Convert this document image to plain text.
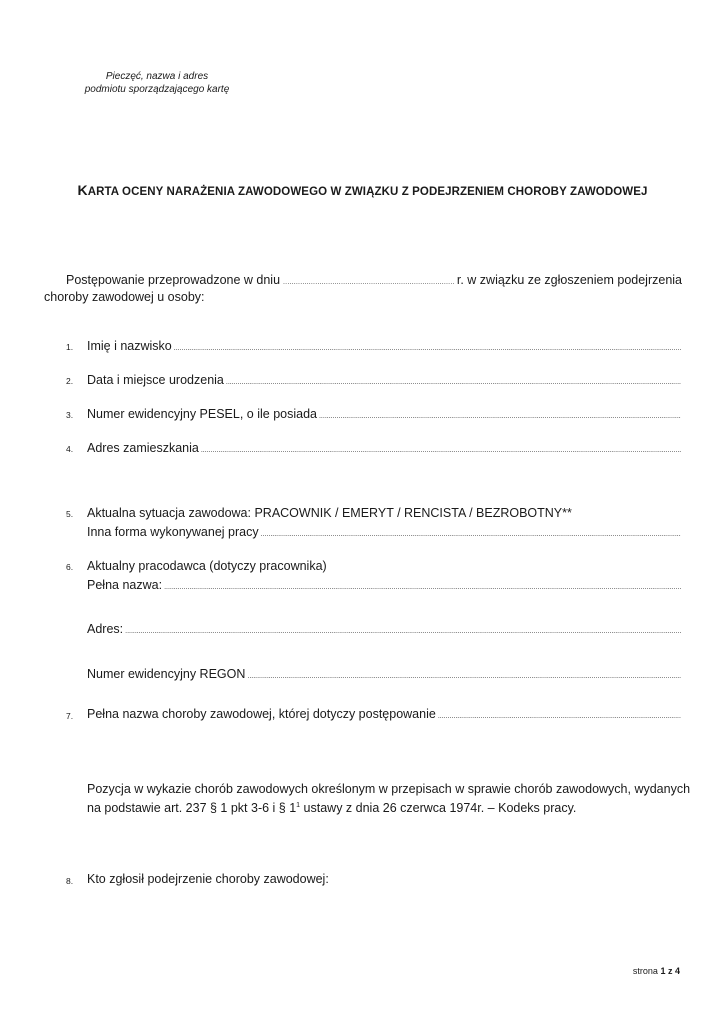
.....
Pieczęć, nazwa i adres
podmiotu sporządzającego kartę
KARTA OCENY NARAŻENIA ZAWODOWEGO W ZWIĄZKU Z PODEJRZENIEM CHOROBY ZAWODOWEJ
Postępowanie przeprowadzone w dniu
.....	r. w związku ze zgłoszeniem podejrzenia
choroby zawodowej u osoby:
1. Imię i nazwisko
.....
2. Data i miejsce urodzenia
.....
3. Numer ewidencyjny PESEL, o ile posiada
.....
4. Adres zamieszkania
.....
.....
5. Aktualna sytuacja zawodowa: PRACOWNIK / EMERYT / RENCISTA / BEZROBOTNY**
Inna forma wykonywanej pracy
.....
6. Aktualny pracodawca (dotyczy pracownika)
Pełna nazwa:
.....
.....
Adres:
.....
.....
Numer ewidencyjny REGON
.....
7. Pełna nazwa choroby zawodowej, której dotyczy postępowanie
.....
.....
.....
Pozycja w wykazie chorób zawodowych określonym w przepisach w sprawie chorób zawodowych, wydanych
na podstawie art. 237 § 1 pkt 3-6 i § $1^1$ ustawy z dnia 26 czerwca 1974r. – Kodeks pracy.
.....
8. Kto zgłosił podejrzenie choroby zawodowej:
.....
.....
strona 1 z 4
